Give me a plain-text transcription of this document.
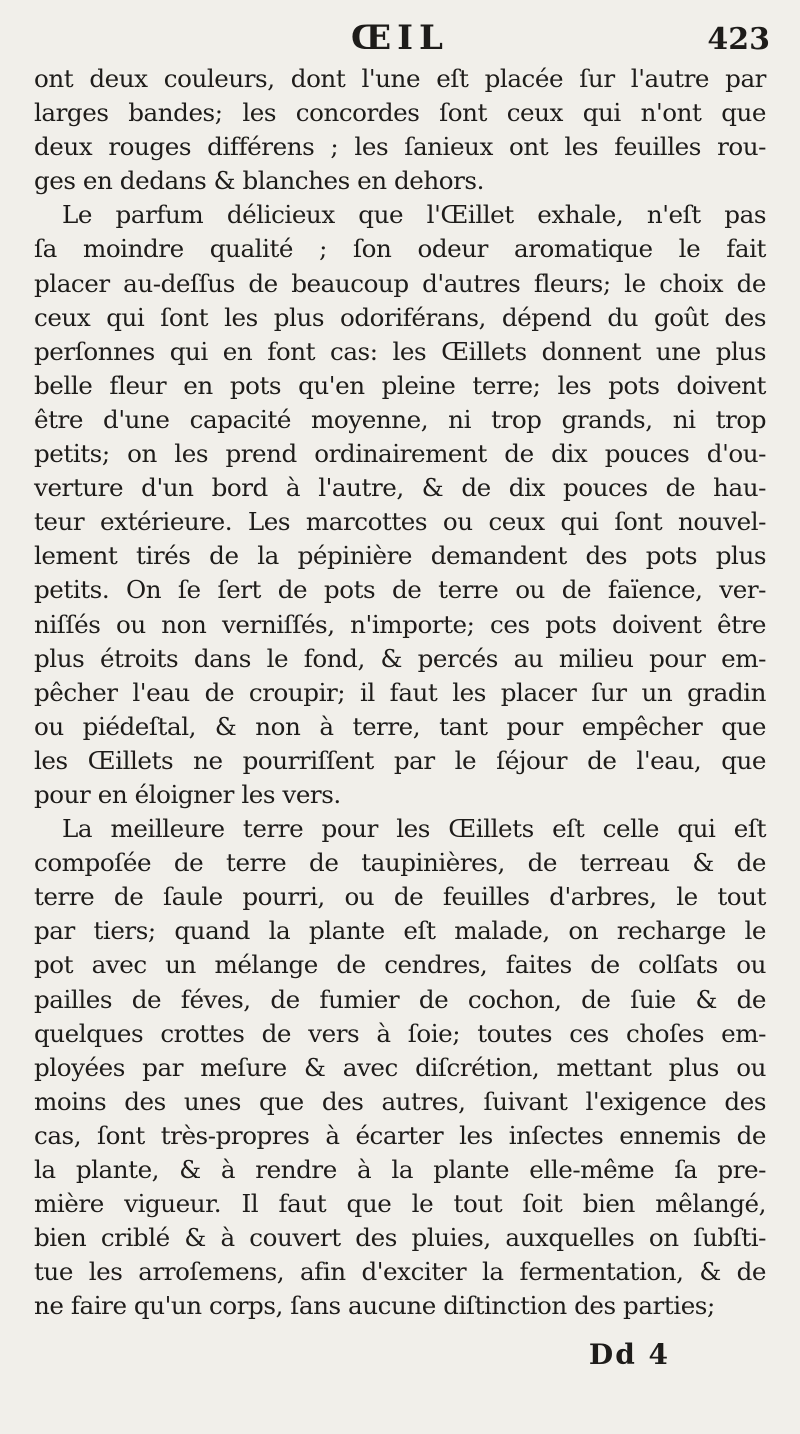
ŒIL	423
ont deux couleurs, dont l'une eſt placée ſur l'autre par
larges bandes; les concordes ſont ceux qui n'ont que
deux rouges différens ; les ſanieux ont les feuilles rou-
ges en dedans & blanches en dehors.
Le parfum délicieux que l'Œillet exhale, n'eſt pas
ſa moindre qualité ; ſon odeur aromatique le fait
placer au-deſſus de beaucoup d'autres fleurs; le choix de
ceux qui ſont les plus odoriférans, dépend du goût des
perſonnes qui en font cas: les Œillets donnent une plus
belle fleur en pots qu'en pleine terre; les pots doivent
être d'une capacité moyenne, ni trop grands, ni trop
petits; on les prend ordinairement de dix pouces d'ou-
verture d'un bord à l'autre, & de dix pouces de hau-
teur extérieure. Les marcottes ou ceux qui ſont nouvel-
lement tirés de la pépinière demandent des pots plus
petits. On ſe ſert de pots de terre ou de faïence, ver-
niſſés ou non verniſſés, n'importe; ces pots doivent être
plus étroits dans le fond, & percés au milieu pour em-
pêcher l'eau de croupir; il faut les placer ſur un gradin
ou piédeſtal, & non à terre, tant pour empêcher que
les Œillets ne pourriſſent par le ſéjour de l'eau, que
pour en éloigner les vers.
La meilleure terre pour les Œillets eſt celle qui eſt
compoſée de terre de taupinières, de terreau & de
terre de ſaule pourri, ou de feuilles d'arbres, le tout
par tiers; quand la plante eſt malade, on recharge le
pot avec un mélange de cendres, faites de colſats ou
pailles de féves, de fumier de cochon, de ſuie & de
quelques crottes de vers à ſoie; toutes ces choſes em-
ployées par meſure & avec diſcrétion, mettant plus ou
moins des unes que des autres, ſuivant l'exigence des
cas, ſont très-propres à écarter les inſectes ennemis de
la plante, & à rendre à la plante elle-même ſa pre-
mière vigueur. Il faut que le tout ſoit bien mêlangé,
bien criblé & à couvert des pluies, auxquelles on ſubſti-
tue les arroſemens, afin d'exciter la fermentation, & de
ne faire qu'un corps, ſans aucune diſtinction des parties;
Dd 4
